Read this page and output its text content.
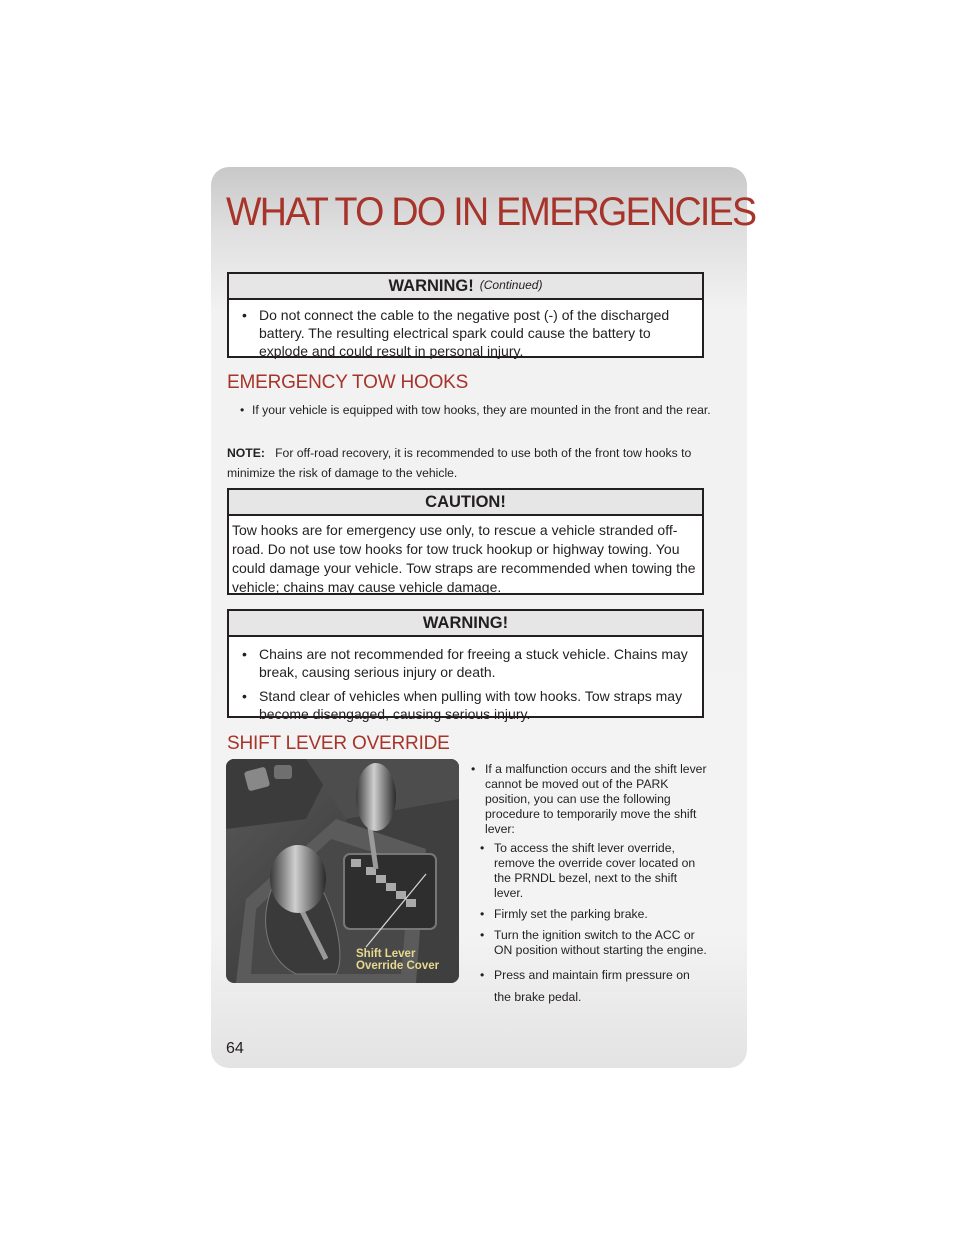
WHAT TO DO IN EMERGENCIES
WARNING! (Continued)
• Do not connect the cable to the negative post (-) of the discharged battery. The resulting electrical spark could cause the battery to explode and could result in personal injury.
EMERGENCY TOW HOOKS
• If your vehicle is equipped with tow hooks, they are mounted in the front and the rear.
NOTE: For off-road recovery, it is recommended to use both of the front tow hooks to minimize the risk of damage to the vehicle.
CAUTION!
Tow hooks are for emergency use only, to rescue a vehicle stranded off-road. Do not use tow hooks for tow truck hookup or highway towing. You could damage your vehicle. Tow straps are recommended when towing the vehicle; chains may cause vehicle damage.
WARNING!
• Chains are not recommended for freeing a stuck vehicle. Chains may break, causing serious injury or death.
• Stand clear of vehicles when pulling with tow hooks. Tow straps may become disengaged, causing serious injury.
SHIFT LEVER OVERRIDE
Shift Lever
Override Cover
• If a malfunction occurs and the shift lever cannot be moved out of the PARK position, you can use the following procedure to temporarily move the shift lever:
• To access the shift lever override, remove the override cover located on the PRNDL bezel, next to the shift lever.
• Firmly set the parking brake.
• Turn the ignition switch to the ACC or ON position without starting the engine.
• Press and maintain firm pressure on the brake pedal.
64
